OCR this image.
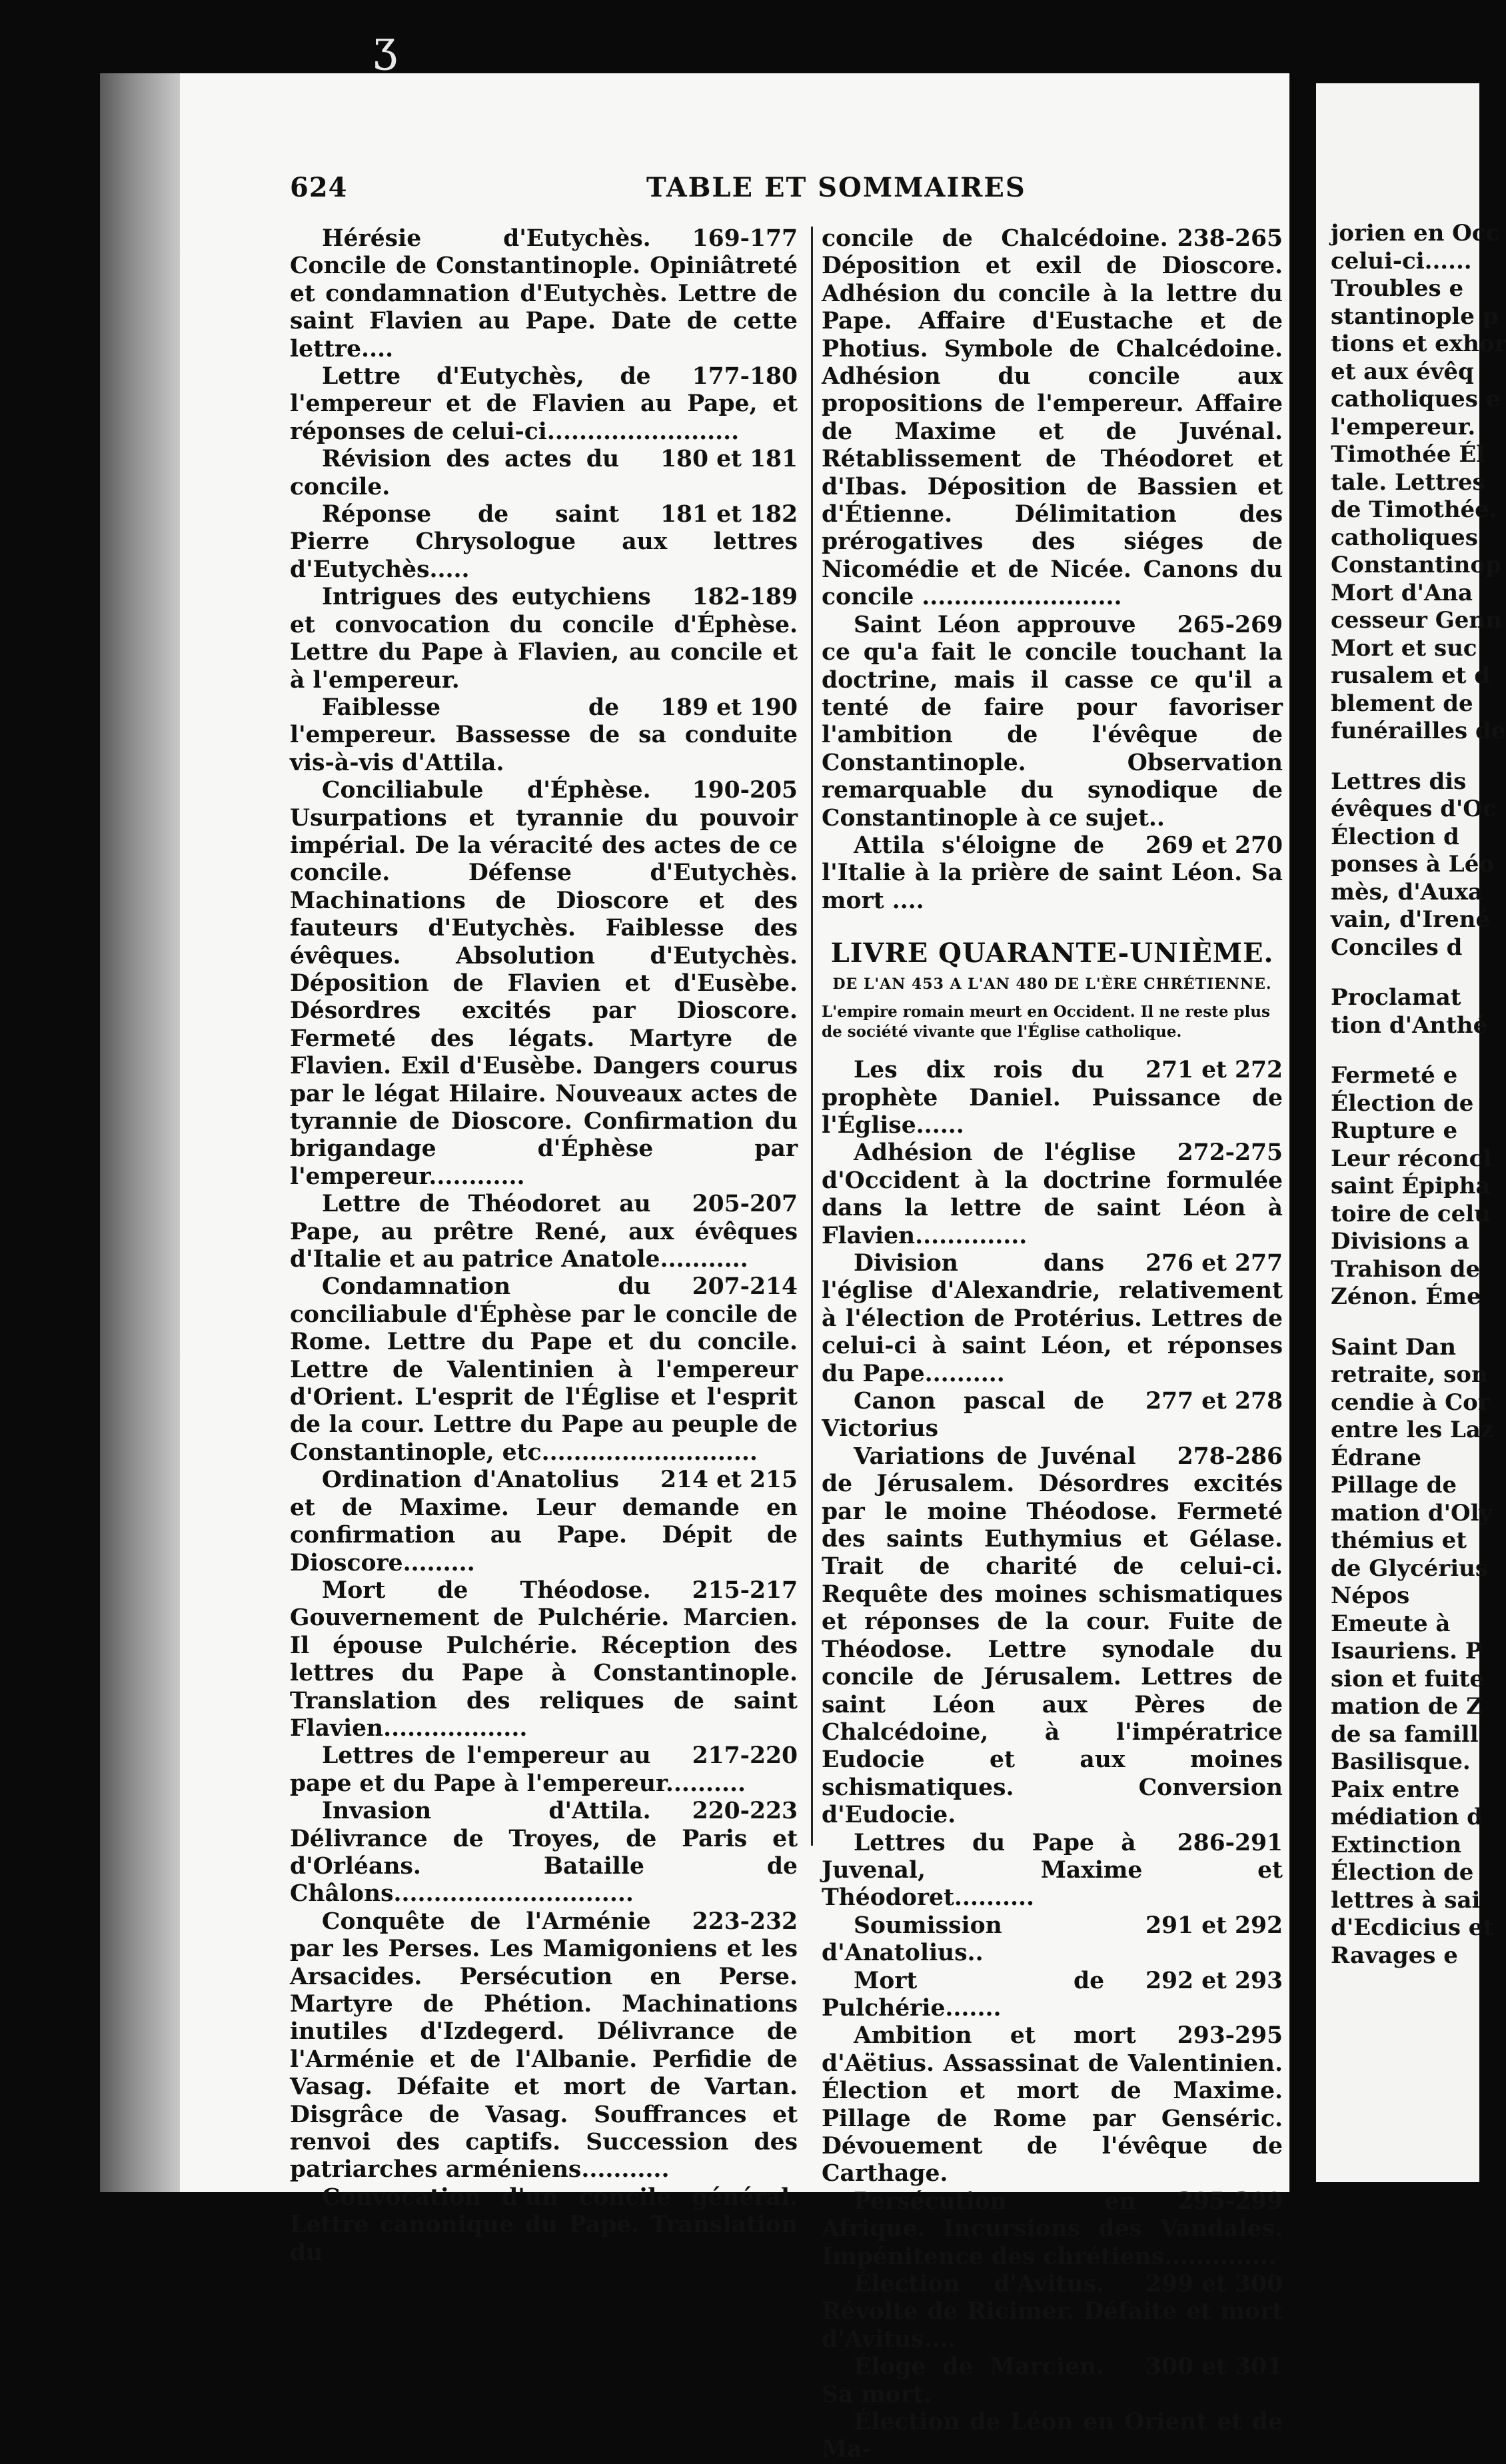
ʒ
624	TABLE ET SOMMAIRES

169-177
Hérésie d'Eutychès. Concile de Constantinople. Opiniâtreté et condamnation d'Eutychès. Lettre de saint Flavien au Pape. Date de cette lettre....

177-180
Lettre d'Eutychès, de l'empereur et de Flavien au Pape, et réponses de celui-ci........................

180 et 181
Révision des actes du concile.

181 et 182
Réponse de saint Pierre Chrysologue aux lettres d'Eutychès.....

182-189
Intrigues des eutychiens et convocation du concile d'Éphèse. Lettre du Pape à Flavien, au concile et à l'empereur.

189 et 190
Faiblesse de l'empereur. Bassesse de sa conduite vis-à-vis d'Attila.

190-205
Conciliabule d'Éphèse. Usurpations et tyrannie du pouvoir impérial. De la véracité des actes de ce concile. Défense d'Eutychès. Machinations de Dioscore et des fauteurs d'Eutychès. Faiblesse des évêques. Absolution d'Eutychès. Déposition de Flavien et d'Eusèbe. Désordres excités par Dioscore. Fermeté des légats. Martyre de Flavien. Exil d'Eusèbe. Dangers courus par le légat Hilaire. Nouveaux actes de tyrannie de Dioscore. Confirmation du brigandage d'Éphèse par l'empereur............

205-207
Lettre de Théodoret au Pape, au prêtre René, aux évêques d'Italie et au patrice Anatole...........

207-214
Condamnation du conciliabule d'Éphèse par le concile de Rome. Lettre du Pape et du concile. Lettre de Valentinien à l'empereur d'Orient. L'esprit de l'Église et l'esprit de la cour. Lettre du Pape au peuple de Constantinople, etc...........................

214 et 215
Ordination d'Anatolius et de Maxime. Leur demande en confirmation au Pape. Dépit de Dioscore.........

215-217
Mort de Théodose. Gouvernement de Pulchérie. Marcien. Il épouse Pulchérie. Réception des lettres du Pape à Constantinople. Translation des reliques de saint Flavien..................

217-220
Lettres de l'empereur au pape et du Pape à l'empereur..........

220-223
Invasion d'Attila. Délivrance de Troyes, de Paris et d'Orléans. Bataille de Châlons..............................

223-232
Conquête de l'Arménie par les Perses. Les Mamigoniens et les Arsacides. Persécution en Perse. Martyre de Phétion. Machinations inutiles d'Izdegerd. Délivrance de l'Arménie et de l'Albanie. Perfidie de Vasag. Défaite et mort de Vartan. Disgrâce de Vasag. Souffrances et renvoi des captifs. Succession des patriarches arméniens...........

Convocation d'un concile général. Lettre canonique du Pape. Translation du

238-265
concile de Chalcédoine. Déposition et exil de Dioscore. Adhésion du concile à la lettre du Pape. Affaire d'Eustache et de Photius. Symbole de Chalcédoine. Adhésion du concile aux propositions de l'empereur. Affaire de Maxime et de Juvénal. Rétablissement de Théodoret et d'Ibas. Déposition de Bassien et d'Étienne. Délimitation des prérogatives des siéges de Nicomédie et de Nicée. Canons du concile .........................

265-269
Saint Léon approuve ce qu'a fait le concile touchant la doctrine, mais il casse ce qu'il a tenté de faire pour favoriser l'ambition de l'évêque de Constantinople. Observation remarquable du synodique de Constantinople à ce sujet..

269 et 270
Attila s'éloigne de l'Italie à la prière de saint Léon. Sa mort ....

LIVRE QUARANTE-UNIÈME.
DE L'AN 453 A L'AN 480 DE L'ÈRE CHRÉTIENNE.

L'empire romain meurt en Occident. Il ne reste plus de société vivante que l'Église catholique.

271 et 272
Les dix rois du prophète Daniel. Puissance de l'Église......

272-275
Adhésion de l'église d'Occident à la doctrine formulée dans la lettre de saint Léon à Flavien..............

276 et 277
Division dans l'église d'Alexandrie, relativement à l'élection de Protérius. Lettres de celui-ci à saint Léon, et réponses du Pape..........

277 et 278
Canon pascal de Victorius

278-286
Variations de Juvénal de Jérusalem. Désordres excités par le moine Théodose. Fermeté des saints Euthymius et Gélase. Trait de charité de celui-ci. Requête des moines schismatiques et réponses de la cour. Fuite de Théodose. Lettre synodale du concile de Jérusalem. Lettres de saint Léon aux Pères de Chalcédoine, à l'impératrice Eudocie et aux moines schismatiques. Conversion d'Eudocie.

286-291
Lettres du Pape à Juvenal, Maxime et Théodoret..........

291 et 292
Soumission d'Anatolius..

292 et 293
Mort de Pulchérie.......

293-295
Ambition et mort d'Aëtius. Assassinat de Valentinien. Élection et mort de Maxime. Pillage de Rome par Genséric. Dévouement de l'évêque de Carthage.

295-299
Persécution en Afrique. Incursions des Vandales. Impénitence des chrétiens..............

299 et 300
Élection d'Avitus. Révolte de Ricimer. Défaite et mort d'Avitus....

300 et 301
Éloge de Marcien. Sa mort.

Élection de Léon en Orient et de Ma-

jorien en Occ
celui-ci......
Troubles e
stantinople p
tions et exhor
et aux évêq
catholiques e
l'empereur.
Timothée Él
tale. Lettres
de Timothée.
catholiques
Constantinop
Mort d'Ana
cesseur Genn
Mort et suc
rusalem et d
blement de
funérailles de
Lettres dis
évêques d'Oc
Élection d
ponses à Léo
mès, d'Auxa
vain, d'Irené
Conciles d
Proclamat
tion d'Anthé
Fermeté e
Élection de
Rupture e
Leur réconcl
saint Épipha
toire de celu
Divisions a
Trahison de
Zénon. Éme
Saint Dan
retraite, son
cendie à Cor
entre les Laz
Édrane
Pillage de
mation d'Oly
thémius et
de Glycérius
Népos
Emeute à
Isauriens. P
sion et fuite
mation de Z
de sa famill
Basilisque.
Paix entre
médiation d
Extinction
Élection de
lettres à sai
d'Ecdicius et
Ravages e
